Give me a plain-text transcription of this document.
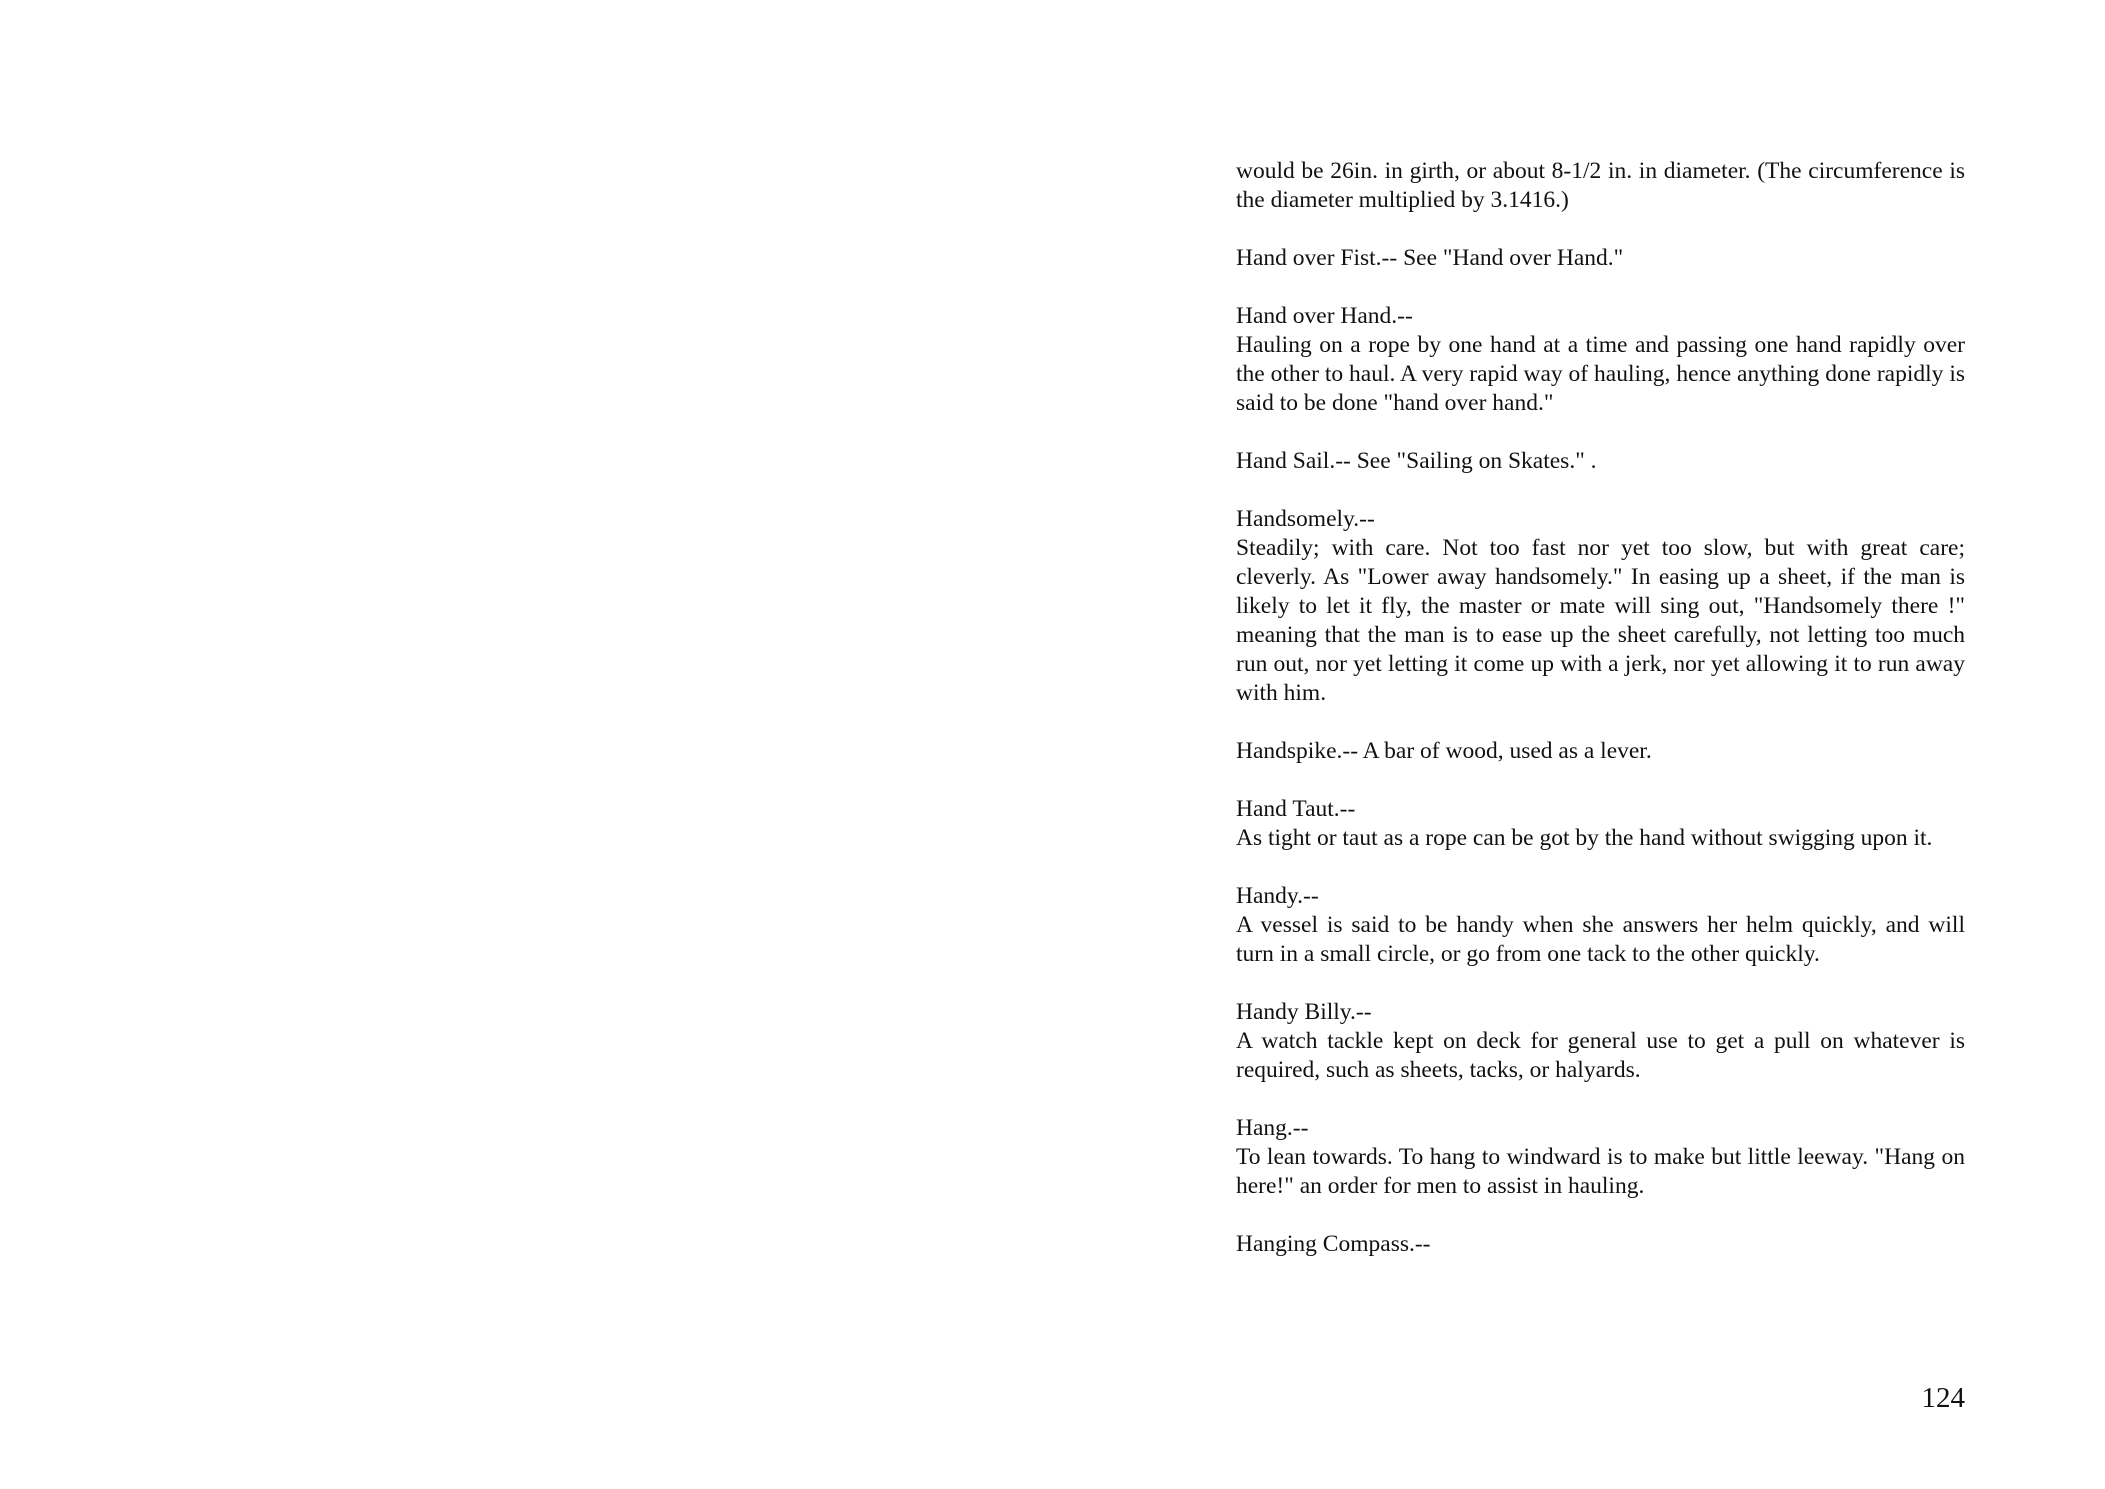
would be 26in. in girth, or about 8-1/2 in. in diameter. (The circumference is the diameter multiplied by 3.1416.)

Hand over Fist.-- See "Hand over Hand."
Hand over Hand.--
Hauling on a rope by one hand at a time and passing one hand rapidly over the other to haul. A very rapid way of hauling, hence anything done rapidly is said to be done "hand over hand."
Hand Sail.-- See "Sailing on Skates." .
Handsomely.--
Steadily; with care. Not too fast nor yet too slow, but with great care; cleverly. As "Lower away handsomely." In easing up a sheet, if the man is likely to let it fly, the master or mate will sing out, "Handsomely there !" meaning that the man is to ease up the sheet carefully, not letting too much run out, nor yet letting it come up with a jerk, nor yet allowing it to run away with him.
Handspike.-- A bar of wood, used as a lever.
Hand Taut.--
As tight or taut as a rope can be got by the hand without swigging upon it.
Handy.--
A vessel is said to be handy when she answers her helm quickly, and will turn in a small circle, or go from one tack to the other quickly.
Handy Billy.--
A watch tackle kept on deck for general use to get a pull on whatever is required, such as sheets, tacks, or halyards.
Hang.--
To lean towards. To hang to windward is to make but little leeway. "Hang on here!" an order for men to assist in hauling.
Hanging Compass.--
124
